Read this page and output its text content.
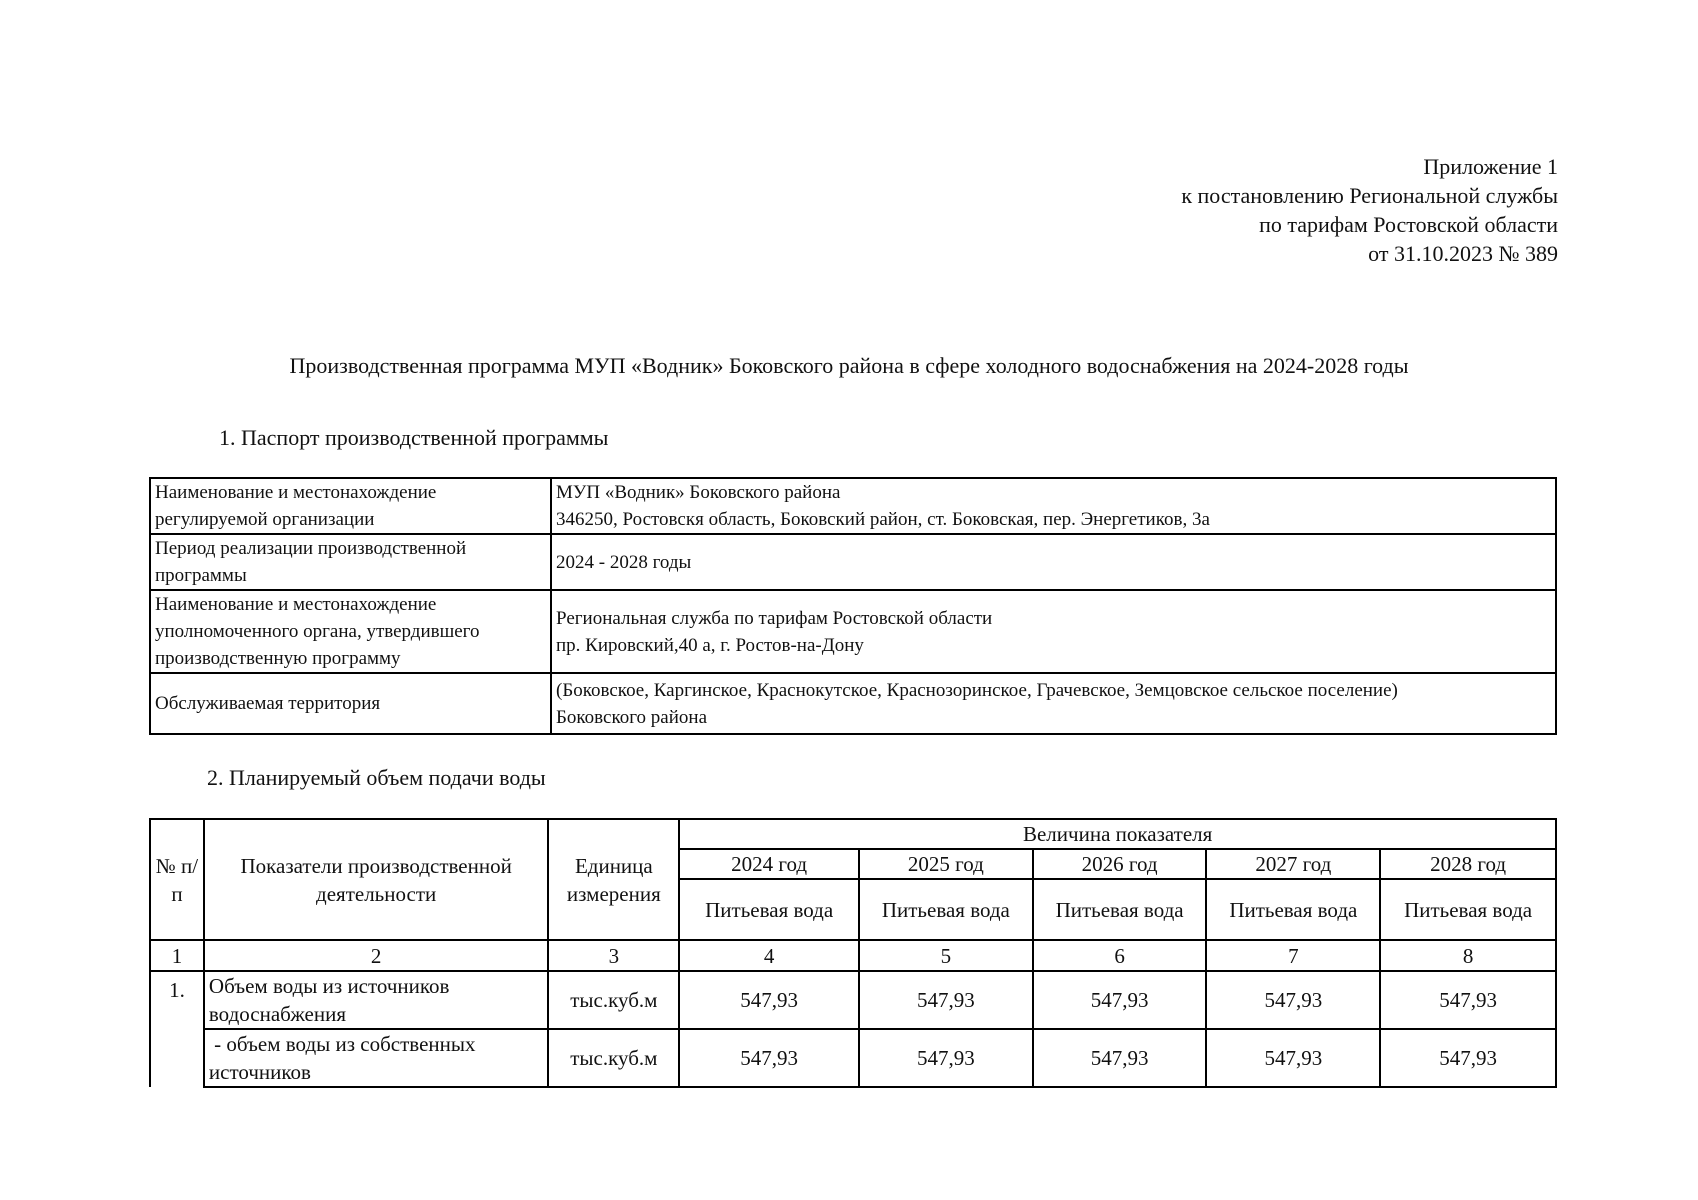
Приложение 1
к постановлению Региональной службы
по тарифам Ростовской области
от 31.10.2023 № 389
Производственная программа МУП «Водник» Боковского района в сфере холодного водоснабжения на 2024-2028 годы
1. Паспорт производственной программы
Наименование и местонахождение регулируемой организации	МУП «Водник» Боковского района
346250, Ростовскя область, Боковский район, ст. Боковская, пер. Энергетиков, 3а

Период реализации производственной программы	2024 - 2028 годы

Наименование и местонахождение уполномоченного органа, утвердившего производственную программу	Региональная служба по тарифам Ростовской области
пр. Кировский,40 а, г. Ростов-на-Дону

Обслуживаемая территория	(Боковское, Каргинское, Краснокутское, Краснозоринское, Грачевское, Земцовское сельское поселение)
Боковского района
2. Планируемый объем подачи воды
№ п/п	Показатели производственной деятельности	Единица измерения	Величина показателя				
			2024 год	2025 год	2026 год	2027 год	2028 год
			Питьевая вода	Питьевая вода	Питьевая вода	Питьевая вода	Питьевая вода
1	2	3	4	5	6	7	8
1.	Объем воды из источников водоснабжения	тыс.куб.м	547,93	547,93	547,93	547,93	547,93
	- объем воды из собственных источников	тыс.куб.м	547,93	547,93	547,93	547,93	547,93
